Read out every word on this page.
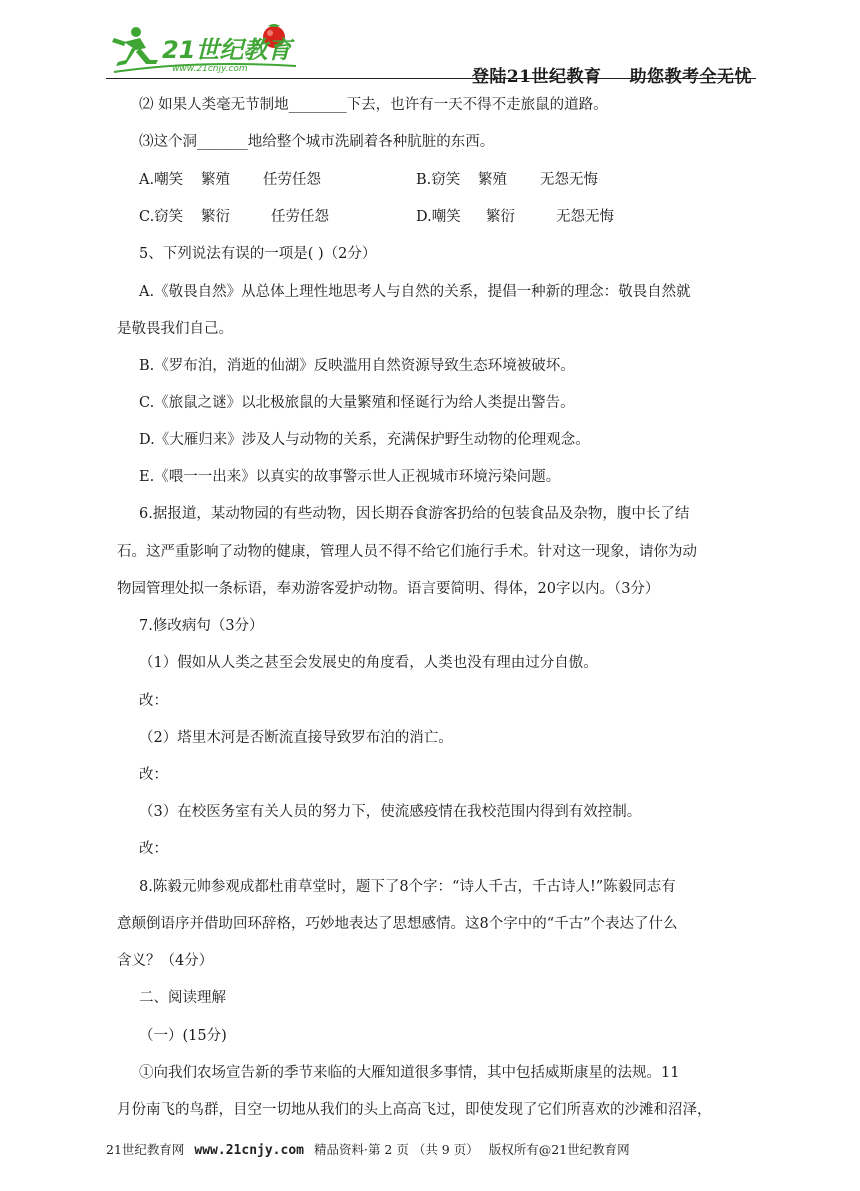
21世纪教育
www.21cnjy.com	登陆21世纪教育 助您教考全无忧
⑵ 如果人类毫无节制地________下去，也许有一天不得不走旅鼠的道路。
⑶这个洞_______地给整个城市洗刷着各种肮脏的东西。
A.嘲笑 繁殖 任劳任怨	B.窃笑 繁殖 无怨无悔
C.窃笑 繁衍	任劳任怨	D.嘲笑 繁衍	无怨无悔
5、下列说法有误的一项是( )（2分）
A.《敬畏自然》从总体上理性地思考人与自然的关系，提倡一种新的理念：敬畏自然就
是敬畏我们自己。
B.《罗布泊，消逝的仙湖》反映滥用自然资源导致生态环境被破坏。
C.《旅鼠之谜》以北极旅鼠的大量繁殖和怪诞行为给人类提出警告。
D.《大雁归来》涉及人与动物的关系，充满保护野生动物的伦理观念。
E.《喂一一出来》以真实的故事警示世人正视城市环境污染问题。
6.据报道，某动物园的有些动物，因长期吞食游客扔给的包装食品及杂物，腹中长了结
石。这严重影响了动物的健康，管理人员不得不给它们施行手术。针对这一现象，请你为动
物园管理处拟一条标语，奉劝游客爱护动物。语言要简明、得体，20字以内。（3分）
7.修改病句（3分）
（1）假如从人类之甚至会发展史的角度看，人类也没有理由过分自傲。
改：
（2）塔里木河是否断流直接导致罗布泊的消亡。
改：
（3）在校医务室有关人员的努力下，使流感疫情在我校范围内得到有效控制。
改：
8.陈毅元帅参观成都杜甫草堂时，题下了8个字：“诗人千古，千古诗人!”陈毅同志有
意颠倒语序并借助回环辞格，巧妙地表达了思想感情。这8个字中的“千古”个表达了什么
含义？（4分）
二、阅读理解
（一）(15分)
①向我们农场宣告新的季节来临的大雁知道很多事情，其中包括威斯康星的法规。11
月份南飞的鸟群，目空一切地从我们的头上高高飞过，即使发现了它们所喜欢的沙滩和沼泽，
21世纪教育网 www.21cnjy.com 精品资料·第 2 页 （共 9 页） 版权所有@21世纪教育网
